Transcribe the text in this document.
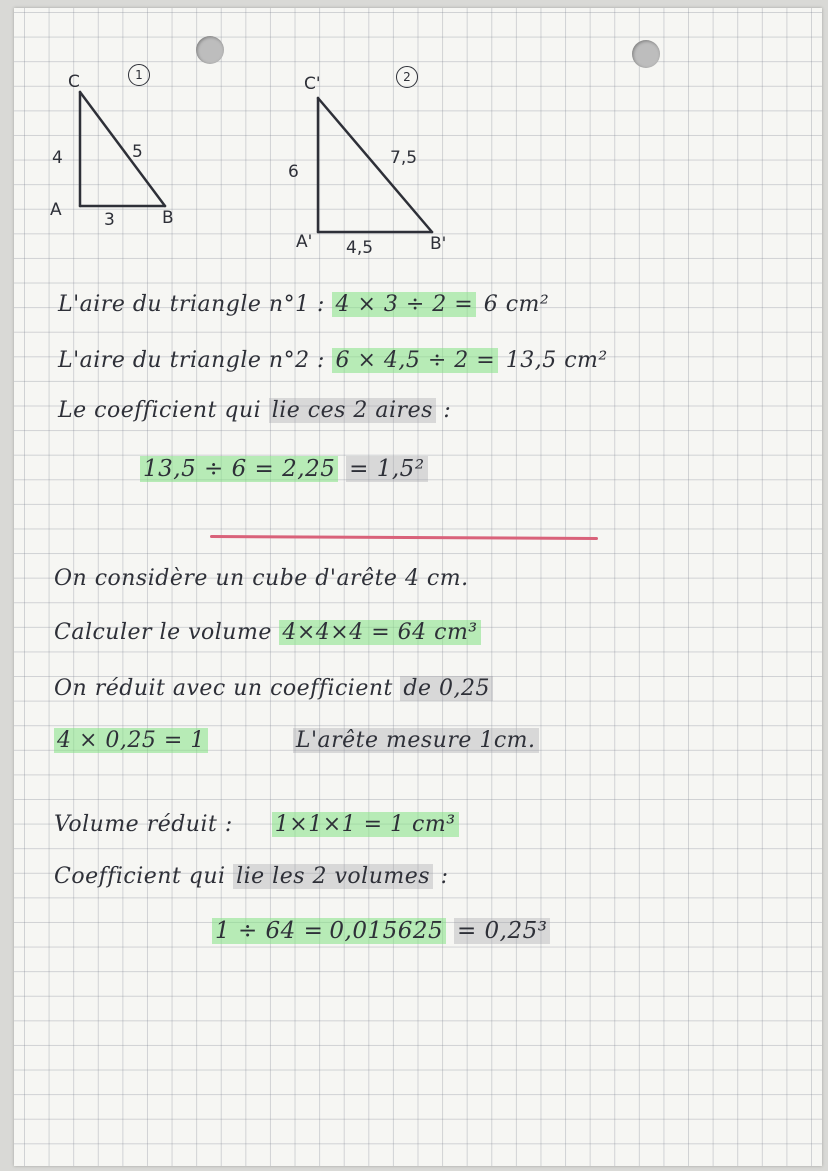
C	1
4	5
A 3	B
C'	2
6
7,5
A' 4,5	B'
L'aire du triangle n°1 : 4 × 3 ÷ 2 = 6 cm²
L'aire du triangle n°2 : 6 × 4,5 ÷ 2 = 13,5 cm²
Le coefficient qui lie ces 2 aires :
13,5 ÷ 6 = 2,25 = 1,5²
On considère un cube d'arête 4 cm.
Calculer le volume 4×4×4 = 64 cm³
On réduit avec un coefficient de 0,25
4 × 0,25 = 1	L'arête mesure 1cm.
Volume réduit : 1×1×1 = 1 cm³
Coefficient qui lie les 2 volumes :
1 ÷ 64 = 0,015625 = 0,25³
